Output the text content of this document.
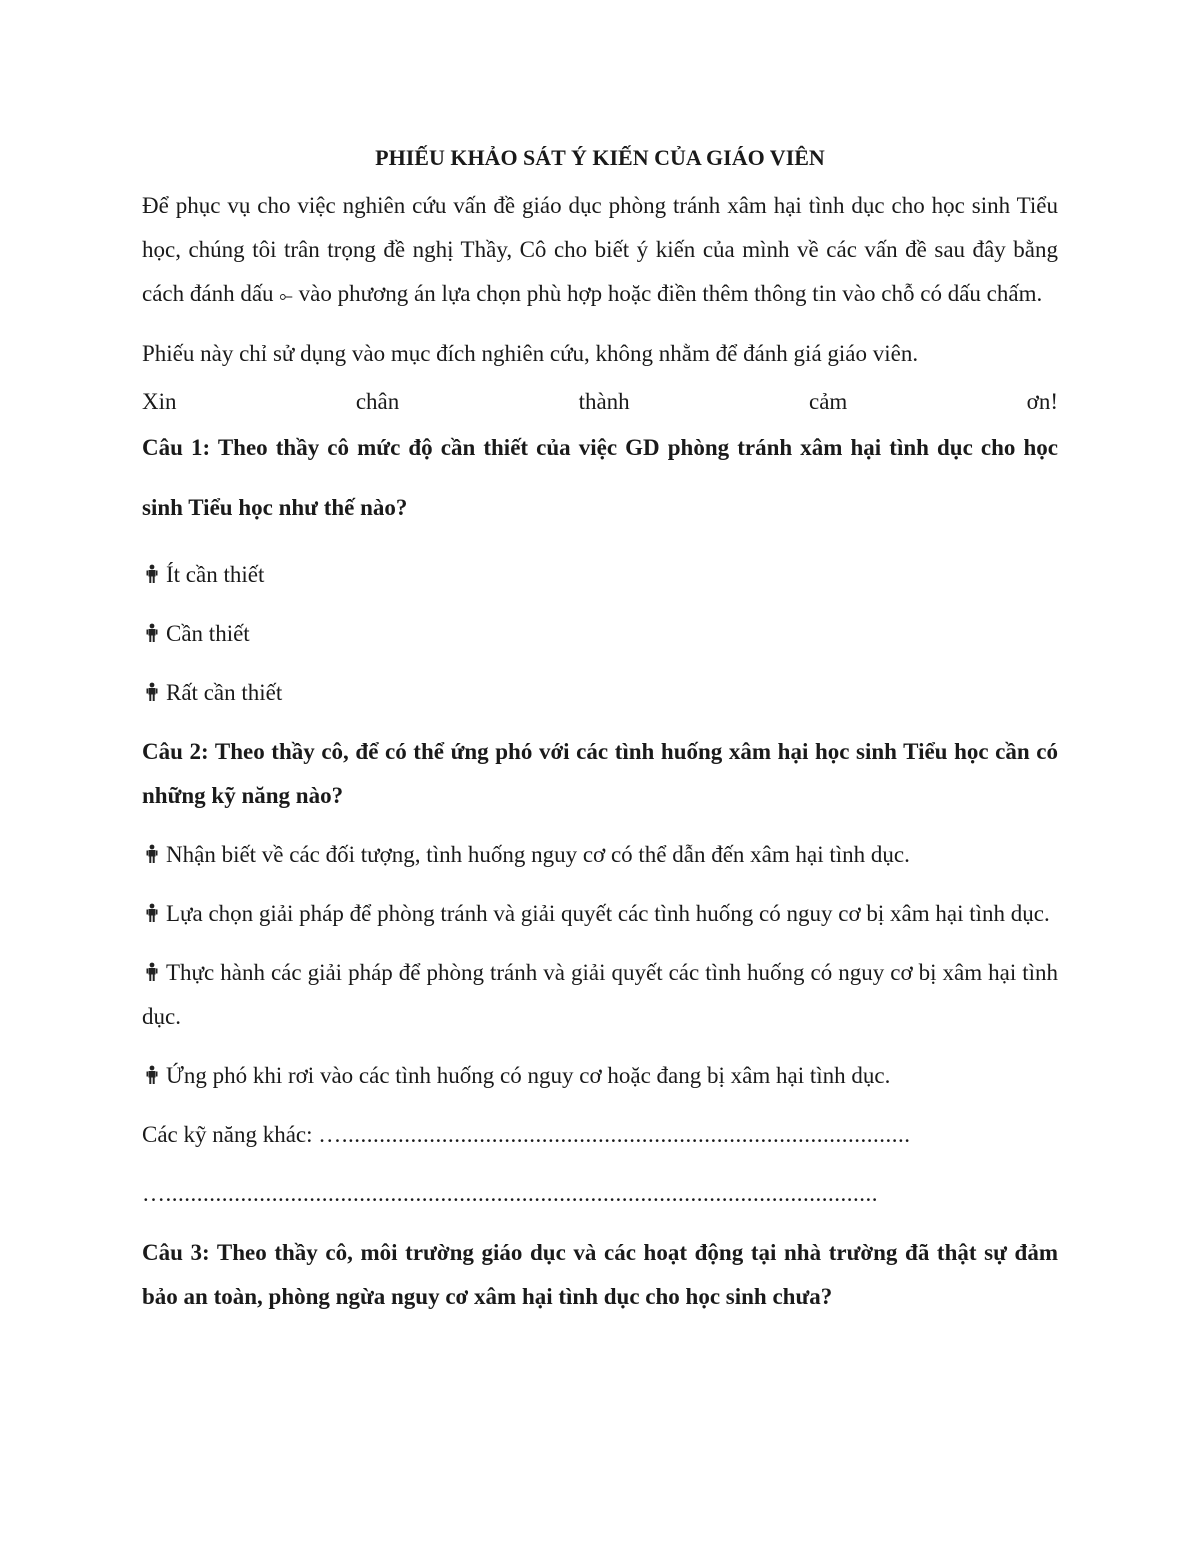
PHIẾU KHẢO SÁT Ý KIẾN CỦA GIÁO VIÊN

Để phục vụ cho việc nghiên cứu vấn đề giáo dục phòng tránh xâm hại tình dục cho học sinh Tiểu học, chúng tôi trân trọng đề nghị Thầy, Cô cho biết ý kiến của mình về các vấn đề sau đây bằng cách đánh dấu ⟜ vào phương án lựa chọn phù hợp hoặc điền thêm thông tin vào chỗ có dấu chấm.

Phiếu này chỉ sử dụng vào mục đích nghiên cứu, không nhằm để đánh giá giáo viên.

Xin	chân	thành	cảm	ơn!

Câu 1: Theo thầy cô mức độ cần thiết của việc GD phòng tránh xâm hại tình dục cho học sinh Tiểu học như thế nào?

Ít cần thiết

Cần thiết

Rất cần thiết

Câu 2: Theo thầy cô, để có thể ứng phó với các tình huống xâm hại học sinh Tiểu học cần có những kỹ năng nào?

Nhận biết về các đối tượng, tình huống nguy cơ có thể dẫn đến xâm hại tình dục.

Lựa chọn giải pháp để phòng tránh và giải quyết các tình huống có nguy cơ bị xâm hại tình dục.

Thực hành các giải pháp để phòng tránh và giải quyết các tình huống có nguy cơ bị xâm hại tình dục.

Ứng phó khi rơi vào các tình huống có nguy cơ hoặc đang bị xâm hại tình dục.

Các kỹ năng khác: …...........................................................................................

…..................................................................................................................

Câu 3: Theo thầy cô, môi trường giáo dục và các hoạt động tại nhà trường đã thật sự đảm bảo an toàn, phòng ngừa nguy cơ xâm hại tình dục cho học sinh chưa?
